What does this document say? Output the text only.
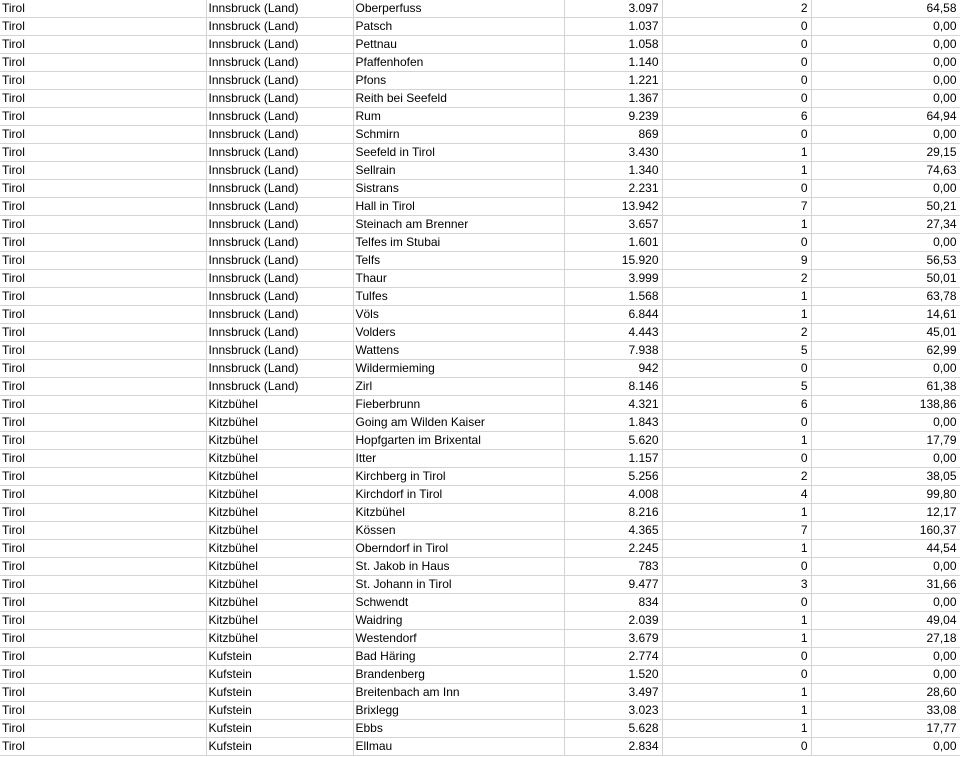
Tirol	Innsbruck (Land)	Oberperfuss	3.097	2	64,58
Tirol	Innsbruck (Land)	Patsch	1.037	0	0,00
Tirol	Innsbruck (Land)	Pettnau	1.058	0	0,00
Tirol	Innsbruck (Land)	Pfaffenhofen	1.140	0	0,00
Tirol	Innsbruck (Land)	Pfons	1.221	0	0,00
Tirol	Innsbruck (Land)	Reith bei Seefeld	1.367	0	0,00
Tirol	Innsbruck (Land)	Rum	9.239	6	64,94
Tirol	Innsbruck (Land)	Schmirn	869	0	0,00
Tirol	Innsbruck (Land)	Seefeld in Tirol	3.430	1	29,15
Tirol	Innsbruck (Land)	Sellrain	1.340	1	74,63
Tirol	Innsbruck (Land)	Sistrans	2.231	0	0,00
Tirol	Innsbruck (Land)	Hall in Tirol	13.942	7	50,21
Tirol	Innsbruck (Land)	Steinach am Brenner	3.657	1	27,34
Tirol	Innsbruck (Land)	Telfes im Stubai	1.601	0	0,00
Tirol	Innsbruck (Land)	Telfs	15.920	9	56,53
Tirol	Innsbruck (Land)	Thaur	3.999	2	50,01
Tirol	Innsbruck (Land)	Tulfes	1.568	1	63,78
Tirol	Innsbruck (Land)	Völs	6.844	1	14,61
Tirol	Innsbruck (Land)	Volders	4.443	2	45,01
Tirol	Innsbruck (Land)	Wattens	7.938	5	62,99
Tirol	Innsbruck (Land)	Wildermieming	942	0	0,00
Tirol	Innsbruck (Land)	Zirl	8.146	5	61,38
Tirol	Kitzbühel	Fieberbrunn	4.321	6	138,86
Tirol	Kitzbühel	Going am Wilden Kaiser	1.843	0	0,00
Tirol	Kitzbühel	Hopfgarten im Brixental	5.620	1	17,79
Tirol	Kitzbühel	Itter	1.157	0	0,00
Tirol	Kitzbühel	Kirchberg in Tirol	5.256	2	38,05
Tirol	Kitzbühel	Kirchdorf in Tirol	4.008	4	99,80
Tirol	Kitzbühel	Kitzbühel	8.216	1	12,17
Tirol	Kitzbühel	Kössen	4.365	7	160,37
Tirol	Kitzbühel	Oberndorf in Tirol	2.245	1	44,54
Tirol	Kitzbühel	St. Jakob in Haus	783	0	0,00
Tirol	Kitzbühel	St. Johann in Tirol	9.477	3	31,66
Tirol	Kitzbühel	Schwendt	834	0	0,00
Tirol	Kitzbühel	Waidring	2.039	1	49,04
Tirol	Kitzbühel	Westendorf	3.679	1	27,18
Tirol	Kufstein	Bad Häring	2.774	0	0,00
Tirol	Kufstein	Brandenberg	1.520	0	0,00
Tirol	Kufstein	Breitenbach am Inn	3.497	1	28,60
Tirol	Kufstein	Brixlegg	3.023	1	33,08
Tirol	Kufstein	Ebbs	5.628	1	17,77
Tirol	Kufstein	Ellmau	2.834	0	0,00
